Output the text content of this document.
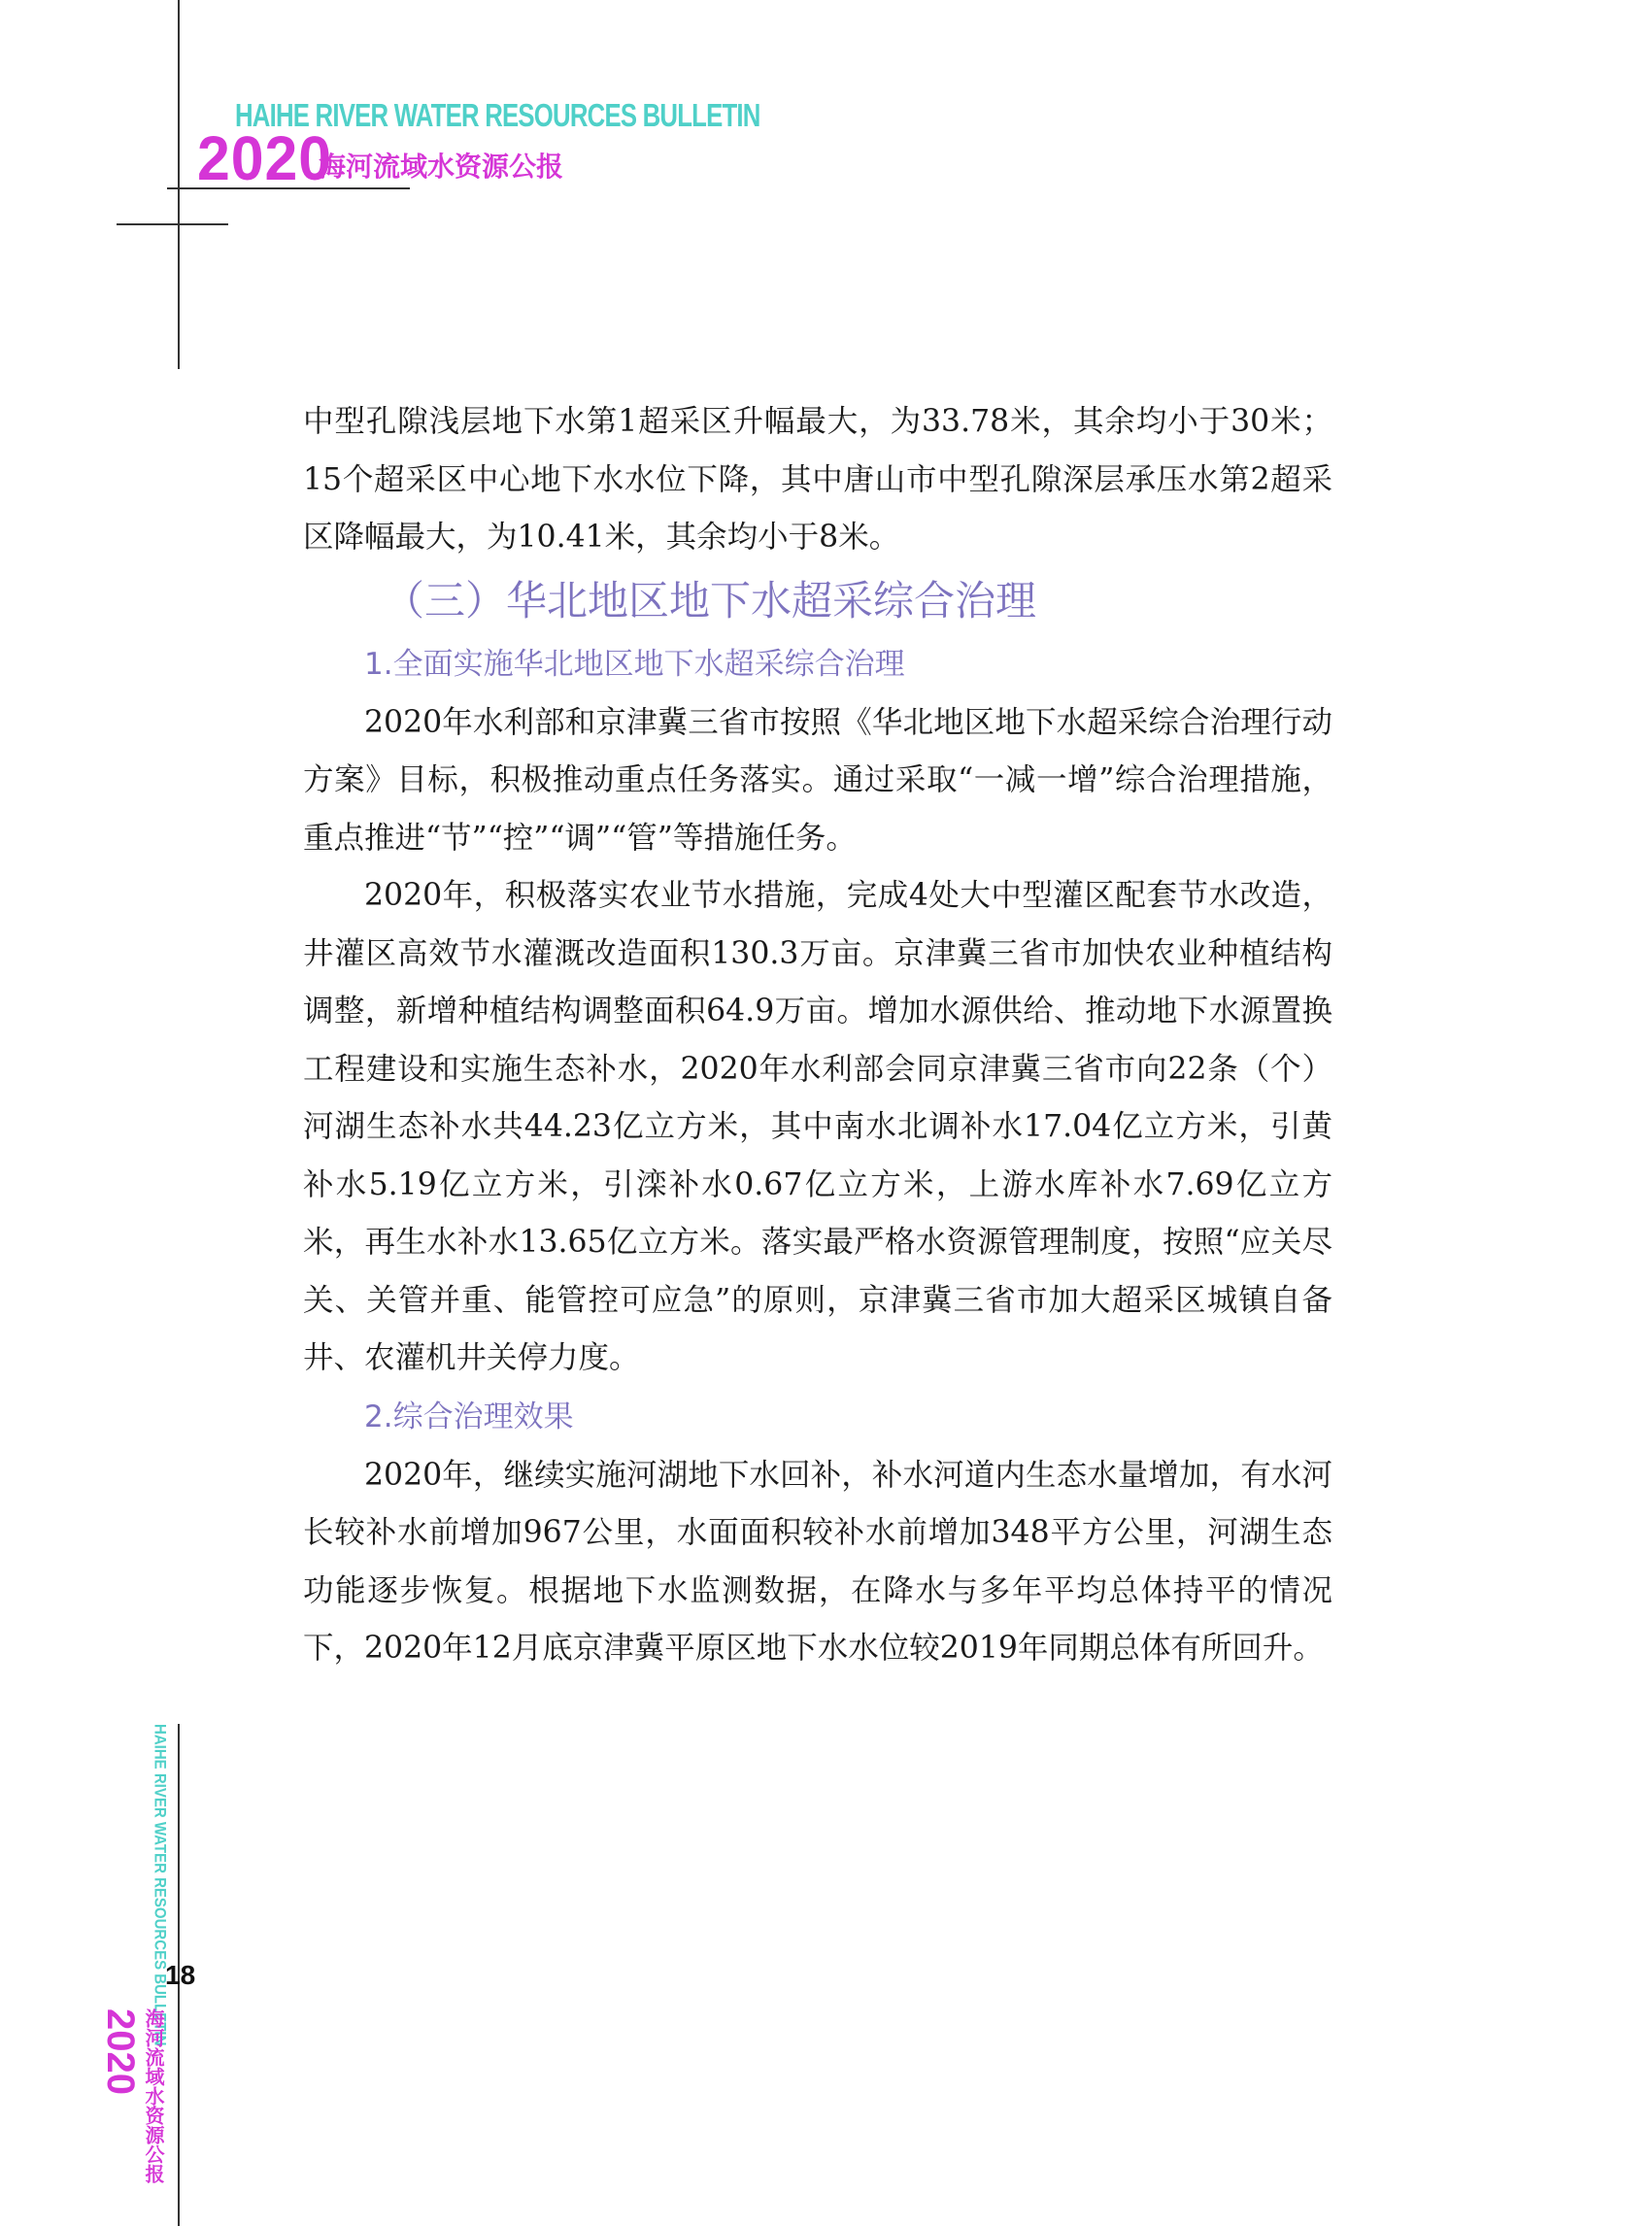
HAIHE RIVER WATER RESOURCES BULLETIN
2020
海河流域水资源公报

中型孔隙浅层地下水第1超采区升幅最大，为33.78米，其余均小于30米；15个超采区中心地下水水位下降，其中唐山市中型孔隙深层承压水第2超采区降幅最大，为10.41米，其余均小于8米。

（三）华北地区地下水超采综合治理

1.全面实施华北地区地下水超采综合治理

2020年水利部和京津冀三省市按照《华北地区地下水超采综合治理行动方案》目标，积极推动重点任务落实。通过采取“一减一增”综合治理措施，重点推进“节”“控”“调”“管”等措施任务。

2020年，积极落实农业节水措施，完成4处大中型灌区配套节水改造，井灌区高效节水灌溉改造面积130.3万亩。京津冀三省市加快农业种植结构调整，新增种植结构调整面积64.9万亩。增加水源供给、推动地下水源置换工程建设和实施生态补水，2020年水利部会同京津冀三省市向22条（个）河湖生态补水共44.23亿立方米，其中南水北调补水17.04亿立方米，引黄补水5.19亿立方米，引滦补水0.67亿立方米，上游水库补水7.69亿立方米，再生水补水13.65亿立方米。落实最严格水资源管理制度，按照“应关尽关、关管并重、能管控可应急”的原则，京津冀三省市加大超采区城镇自备井、农灌机井关停力度。

2.综合治理效果

2020年，继续实施河湖地下水回补，补水河道内生态水量增加，有水河长较补水前增加967公里，水面面积较补水前增加348平方公里，河湖生态功能逐步恢复。根据地下水监测数据，在降水与多年平均总体持平的情况下，2020年12月底京津冀平原区地下水水位较2019年同期总体有所回升。

HAIHE RIVER WATER RESOURCES BULLETIN
18
2020 海河流域水资源公报
